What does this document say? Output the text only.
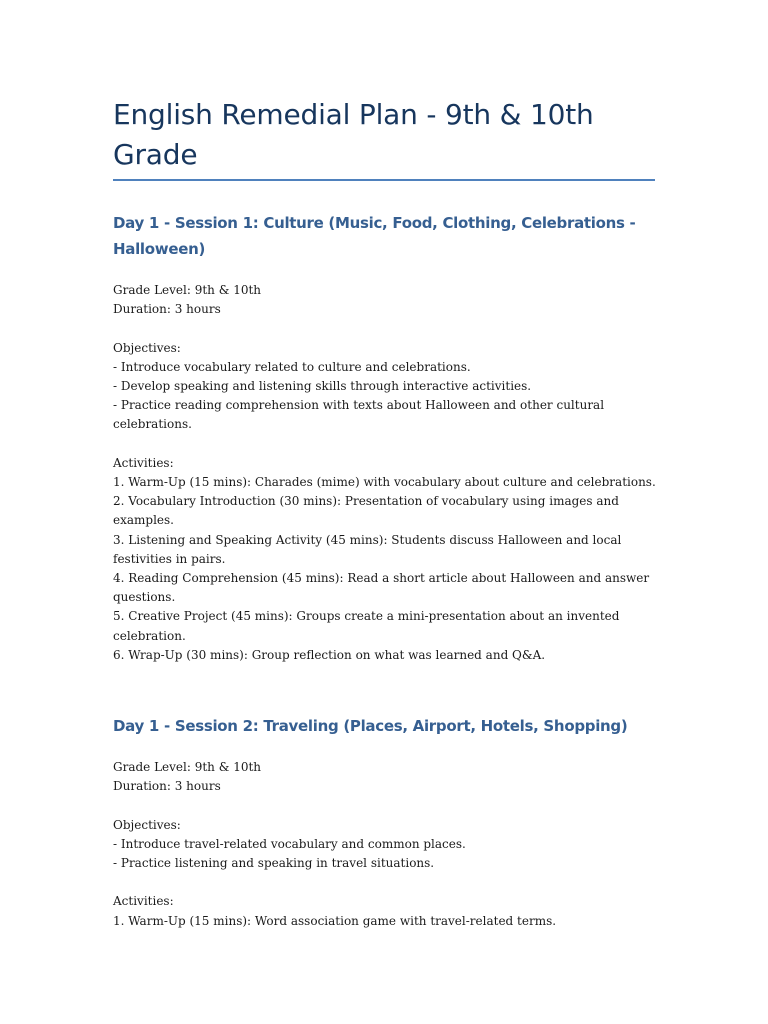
English Remedial Plan - 9th & 10th
Grade
Day 1 - Session 1: Culture (Music, Food, Clothing, Celebrations -
Halloween)
Grade Level: 9th & 10th
Duration: 3 hours
Objectives:
- Introduce vocabulary related to culture and celebrations.
- Develop speaking and listening skills through interactive activities.
- Practice reading comprehension with texts about Halloween and other cultural
celebrations.
Activities:
1. Warm-Up (15 mins): Charades (mime) with vocabulary about culture and celebrations.
2. Vocabulary Introduction (30 mins): Presentation of vocabulary using images and
examples.
3. Listening and Speaking Activity (45 mins): Students discuss Halloween and local
festivities in pairs.
4. Reading Comprehension (45 mins): Read a short article about Halloween and answer
questions.
5. Creative Project (45 mins): Groups create a mini-presentation about an invented
celebration.
6. Wrap-Up (30 mins): Group reflection on what was learned and Q&A.
Day 1 - Session 2: Traveling (Places, Airport, Hotels, Shopping)
Grade Level: 9th & 10th
Duration: 3 hours
Objectives:
- Introduce travel-related vocabulary and common places.
- Practice listening and speaking in travel situations.
Activities:
1. Warm-Up (15 mins): Word association game with travel-related terms.
